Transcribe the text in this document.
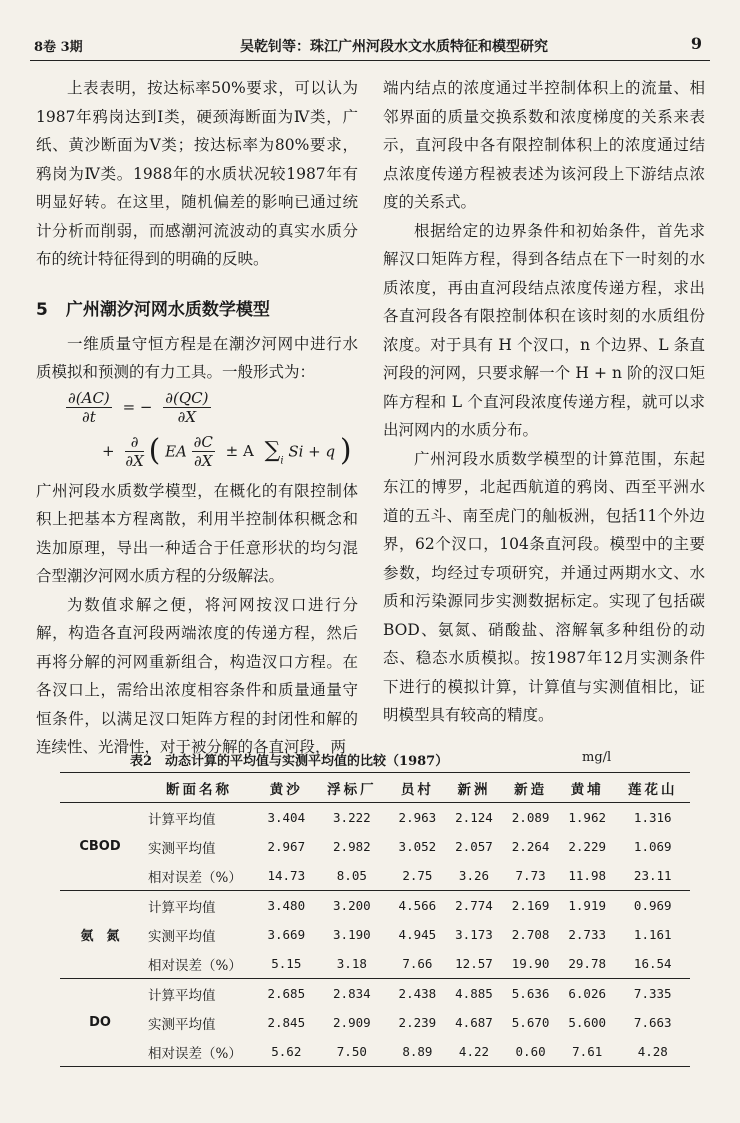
8卷 3期	吴乾钊等：珠江广州河段水文水质特征和模型研究	9

上表表明，按达标率50%要求，可以认为1987年鸦岗达到Ⅰ类，硬颈海断面为Ⅳ类，广纸、黄沙断面为Ⅴ类；按达标率为80%要求，鸦岗为Ⅳ类。1988年的水质状况较1987年有明显好转。在这里，随机偏差的影响已通过统计分析而削弱，而感潮河流波动的真实水质分布的统计特征得到的明确的反映。

5 广州潮汐河网水质数学模型

一维质量守恒方程是在潮汐河网中进行水质模拟和预测的有力工具。一般形式为：

$\frac{\partial(AC)}{\partial t}$ = − $\frac{\partial(QC)}{\partial X}$
+ $\frac{\partial}{\partial X}$ ( EA $\frac{\partial C}{\partial X} \pm A$ $\sum_i$ Si + q )

广州河段水质数学模型，在概化的有限控制体积上把基本方程离散，利用半控制体积概念和迭加原理，导出一种适合于任意形状的均匀混合型潮汐河网水质方程的分级解法。

为数值求解之便，将河网按汊口进行分解，构造各直河段两端浓度的传递方程，然后再将分解的河网重新组合，构造汊口方程。在各汊口上，需给出浓度相容条件和质量通量守恒条件，以满足汊口矩阵方程的封闭性和解的连续性、光滑性，对于被分解的各直河段，两

端内结点的浓度通过半控制体积上的流量、相邻界面的质量交换系数和浓度梯度的关系来表示，直河段中各有限控制体积上的浓度通过结点浓度传递方程被表述为该河段上下游结点浓度的关系式。

根据给定的边界条件和初始条件，首先求解汉口矩阵方程，得到各结点在下一时刻的水质浓度，再由直河段结点浓度传递方程，求出各直河段各有限控制体积在该时刻的水质组份浓度。对于具有 H 个汊口，n 个边界、L 条直河段的河网，只要求解一个 H + n 阶的汊口矩阵方程和 L 个直河段浓度传递方程，就可以求出河网内的水质分布。

广州河段水质数学模型的计算范围，东起东江的博罗，北起西航道的鸦岗、西至平洲水道的五斗、南至虎门的舢板洲，包括11个外边界，62个汊口，104条直河段。模型中的主要参数，均经过专项研究，并通过两期水文、水质和污染源同步实测数据标定。实现了包括碳BOD、氨氮、硝酸盐、溶解氧多种组份的动态、稳态水质模拟。按1987年12月实测条件下进行的模拟计算，计算值与实测值相比，证明模型具有较高的精度。

表2　动态计算的平均值与实测平均值的比较（1987）	mg/l
	断面名称	黄沙	浮标厂	员村	新洲	新造	黄埔	莲花山
CBOD	计算平均值	3.404	3.222	2.963	2.124	2.089	1.962	1.316
	实测平均值	2.967	2.982	3.052	2.057	2.264	2.229	1.069
	相对误差（%）	14.73	8.05	2.75	3.26	7.73	11.98	23.11
氨　氮	计算平均值	3.480	3.200	4.566	2.774	2.169	1.919	0.969
	实测平均值	3.669	3.190	4.945	3.173	2.708	2.733	1.161
	相对误差（%）	5.15	3.18	7.66	12.57	19.90	29.78	16.54
DO	计算平均值	2.685	2.834	2.438	4.885	5.636	6.026	7.335
	实测平均值	2.845	2.909	2.239	4.687	5.670	5.600	7.663
	相对误差（%）	5.62	7.50	8.89	4.22	0.60	7.61	4.28
